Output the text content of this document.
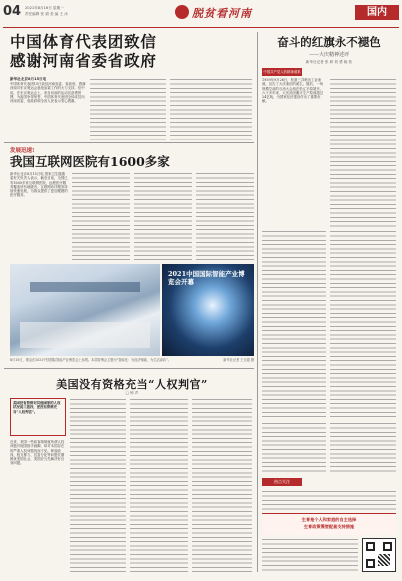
04 2021年8月16日 星期一
责任编辑 张 娟 美 编 王 冰	脱贫看河南	国内
中国体育代表团致信
感谢河南省委省政府
新华社北京8月15日电
中国体育代表团15日致信河南省委、省政府，感谢河南对东京奥运会备战参赛工作的大力支持。信中说，在东京奥运会上，来自河南的运动员奋勇拼搏，为祖国争得荣誉，中国体育代表团全体成员向河南省委、省政府和全省人民表示衷心感谢。
发展迅速!
我国互联网医院有1600多家
新华社北京8月15日电 国家卫生健康委有关负责人表示，截至目前，全国已有1600多家互联网医院，远程医疗服务覆盖所有地级市，互联网诊疗服务持续快速发展，为群众提供了更加便捷的医疗服务。
2021中国国际智能产业博览会开幕
8月15日，观众在2021中国国际智能产业博览会上参观。本届智博会主题为“智能化：为经济赋能，为生活添彩”。	新华社记者 王全超 摄
奋斗的红旗永不褪色
——大庆精神述评
新华社记者 张 研 刘 勇 姚 松
中国共产党人的精神谱系
1959年9月26日，松基三井喷出工业油流，宣告了大庆油田的诞生。随后，一场规模空前的石油大会战在松辽平原展开。六十多年来，大庆油田累计生产原油超过24亿吨，为国家经济建设作出了重要贡献。
美国没有资格充当“人权判官”
□ 钟 声
美国没有资格对其他国家的人权状况说三道四，更没有资格充当“人权判官”。
近来，美国一些政客频频就所谓人权问题对他国指手画脚，却对本国存在的严重人权问题视而不见。种族歧视、枪支暴力、贫富分化等问题长期困扰美国社会，美国应当先解决好自身问题。
热点关注
生育是个人和家庭的自主选择
生育政策需要配套支持措施
